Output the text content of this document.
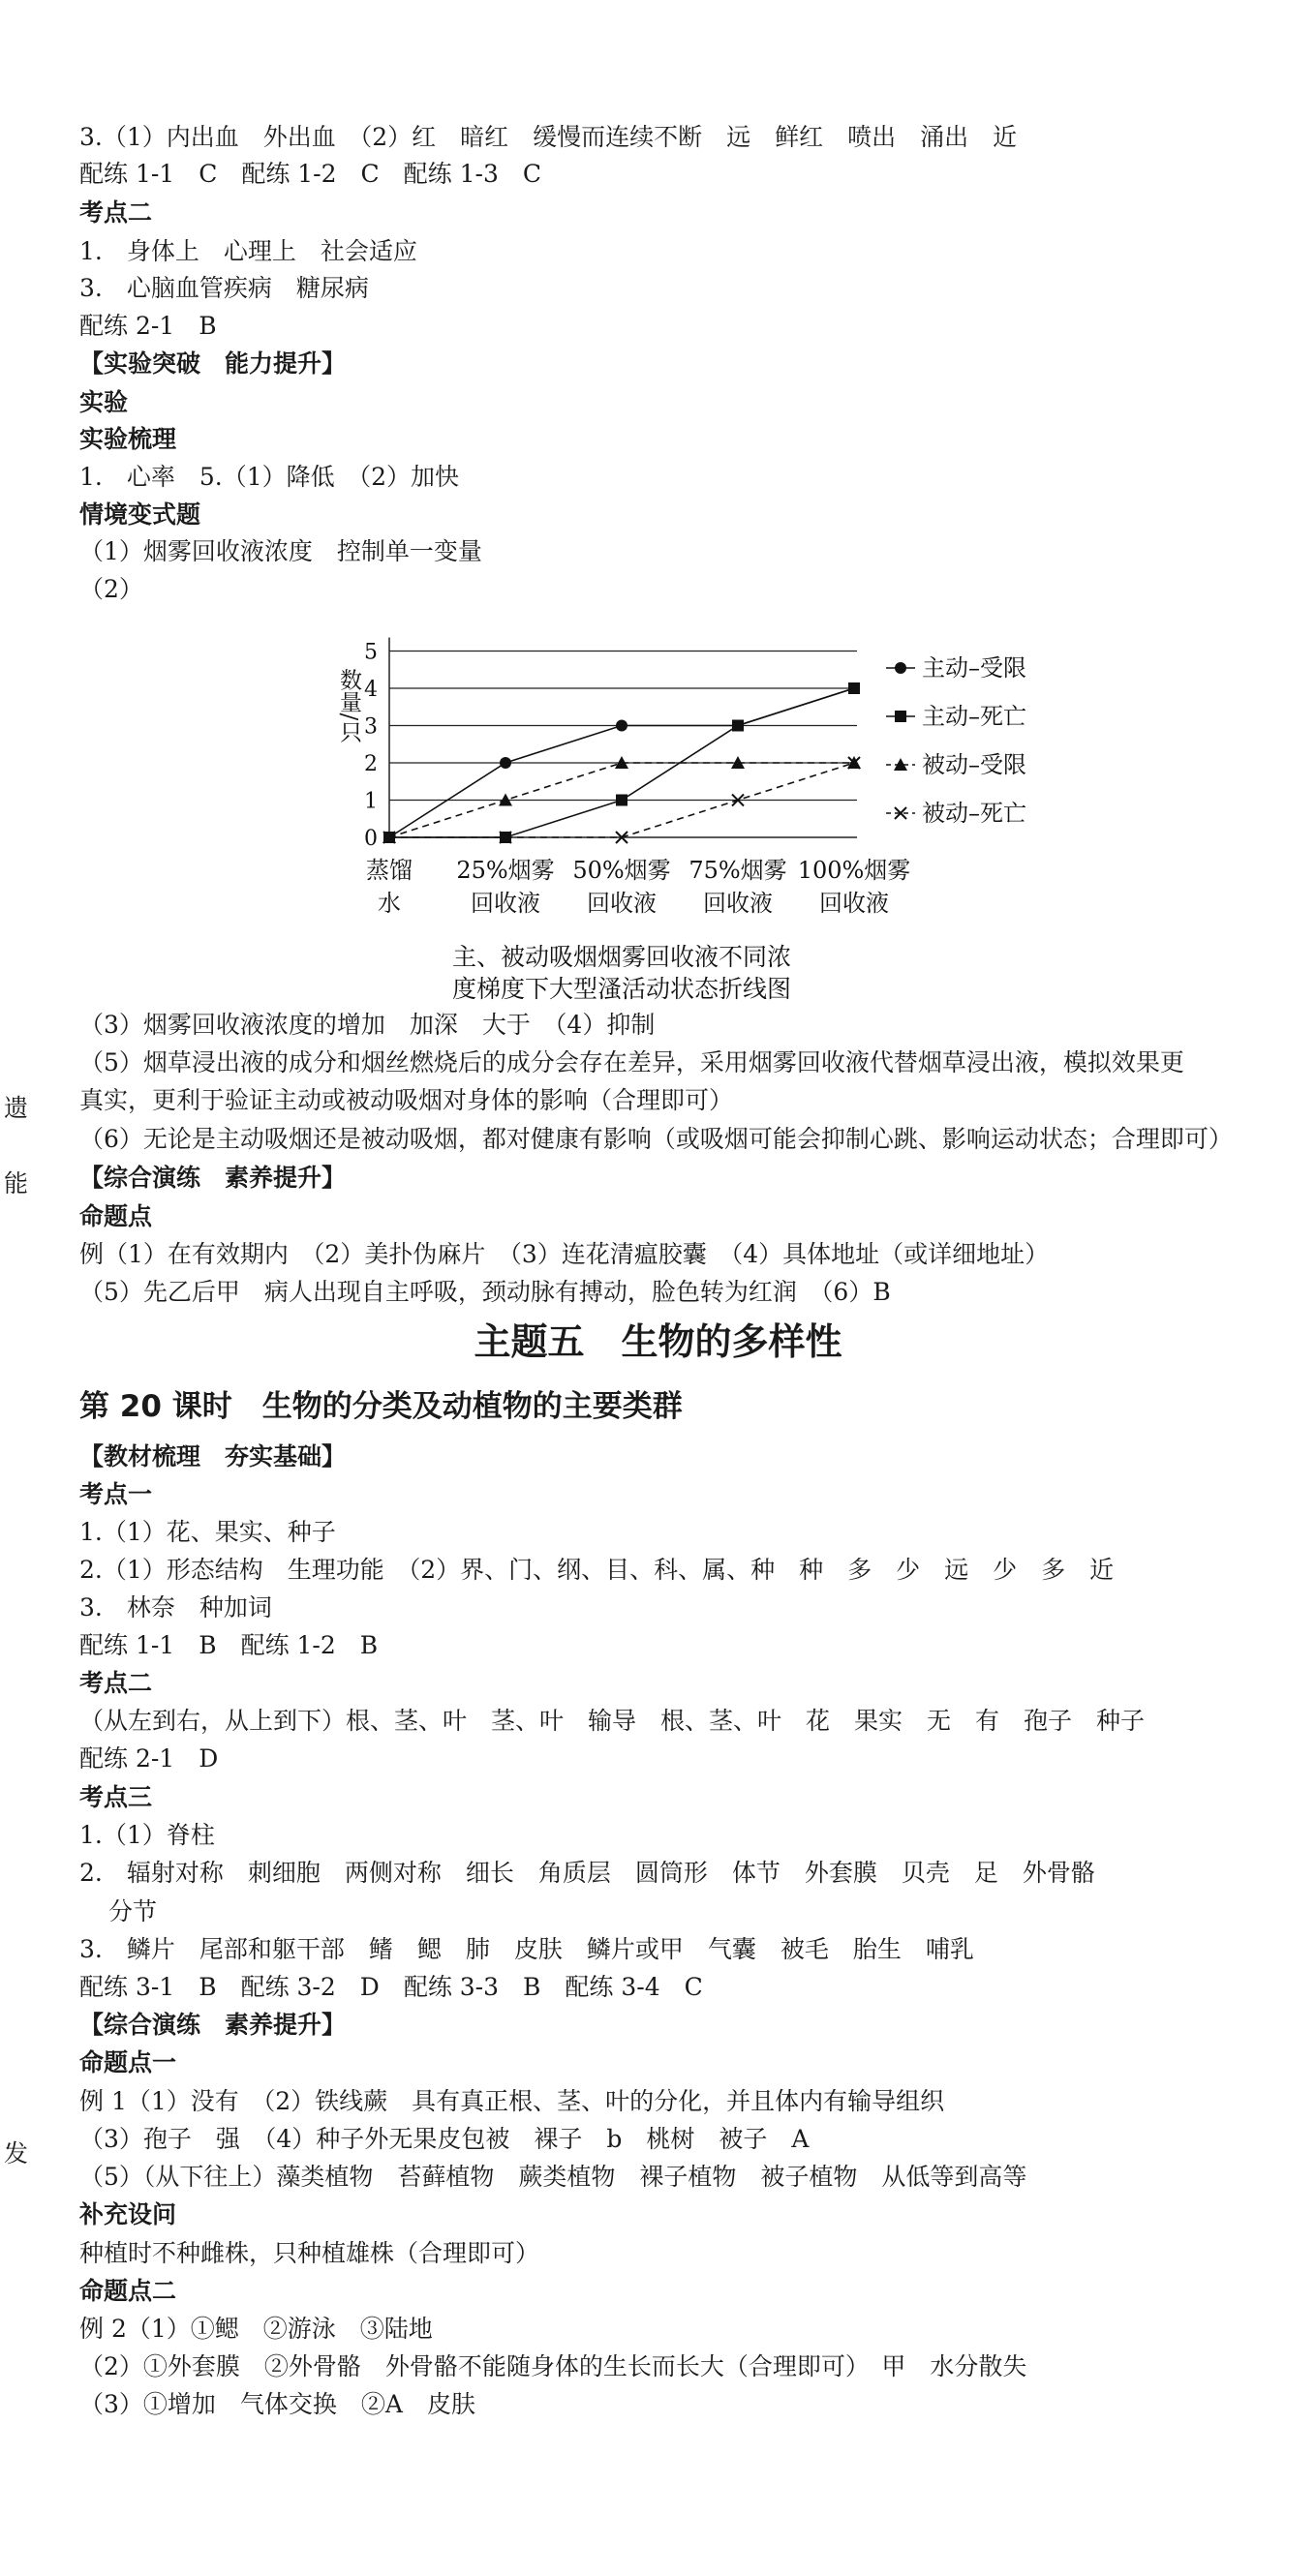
3.（1）内出血　外出血　（2）红　暗红　缓慢而连续不断　远　鲜红　喷出　涌出　近
配练 1-1　C　配练 1-2　C　配练 1-3　C
考点二
1.　身体上　心理上　社会适应
3.　心脑血管疾病　糖尿病
配练 2-1　B
【实验突破　能力提升】
实验
实验梳理
1.　心率　5.（1）降低　（2）加快
情境变式题
（1）烟雾回收液浓度　控制单一变量
（2）
0
1
2
3
4
5
数量/只
蒸馏
水
25%烟雾
回收液
50%烟雾
回收液
75%烟雾
回收液
100%烟雾
回收液
主动–受限
主动–死亡
被动–受限
被动–死亡
主、被动吸烟烟雾回收液不同浓
度梯度下大型溞活动状态折线图
（3）烟雾回收液浓度的增加　加深　大于　（4）抑制
（5）烟草浸出液的成分和烟丝燃烧后的成分会存在差异，采用烟雾回收液代替烟草浸出液，模拟效果更
真实，更利于验证主动或被动吸烟对身体的影响（合理即可）
（6）无论是主动吸烟还是被动吸烟，都对健康有影响（或吸烟可能会抑制心跳、影响运动状态；合理即可）
【综合演练　素养提升】
命题点
例（1）在有效期内　（2）美扑伪麻片　（3）连花清瘟胶囊　（4）具体地址（或详细地址）
（5）先乙后甲　病人出现自主呼吸，颈动脉有搏动，脸色转为红润　（6）B
主题五　生物的多样性
第 20 课时　生物的分类及动植物的主要类群
【教材梳理　夯实基础】
考点一
1.（1）花、果实、种子
2.（1）形态结构　生理功能　（2）界、门、纲、目、科、属、种　种　多　少　远　少　多　近
3.　林奈　种加词
配练 1-1　B　配练 1-2　B
考点二
（从左到右，从上到下）根、茎、叶　茎、叶　输导　根、茎、叶　花　果实　无　有　孢子　种子
配练 2-1　D
考点三
1.（1）脊柱
2.　辐射对称　刺细胞　两侧对称　细长　角质层　圆筒形　体节　外套膜　贝壳　足　外骨骼
分节
3.　鳞片　尾部和躯干部　鳍　鳃　肺　皮肤　鳞片或甲　气囊　被毛　胎生　哺乳
配练 3-1　B　配练 3-2　D　配练 3-3　B　配练 3-4　C
【综合演练　素养提升】
命题点一
例 1（1）没有　（2）铁线蕨　具有真正根、茎、叶的分化，并且体内有输导组织
（3）孢子　强　（4）种子外无果皮包被　裸子　b　桃树　被子　A
（5）（从下往上）藻类植物　苔藓植物　蕨类植物　裸子植物　被子植物　从低等到高等
补充设问
种植时不种雌株，只种植雄株（合理即可）
命题点二
例 2（1）①鳃　②游泳　③陆地
（2）①外套膜　②外骨骼　外骨骼不能随身体的生长而长大（合理即可）　甲　水分散失
（3）①增加　气体交换　②A　皮肤
遗
能
发
